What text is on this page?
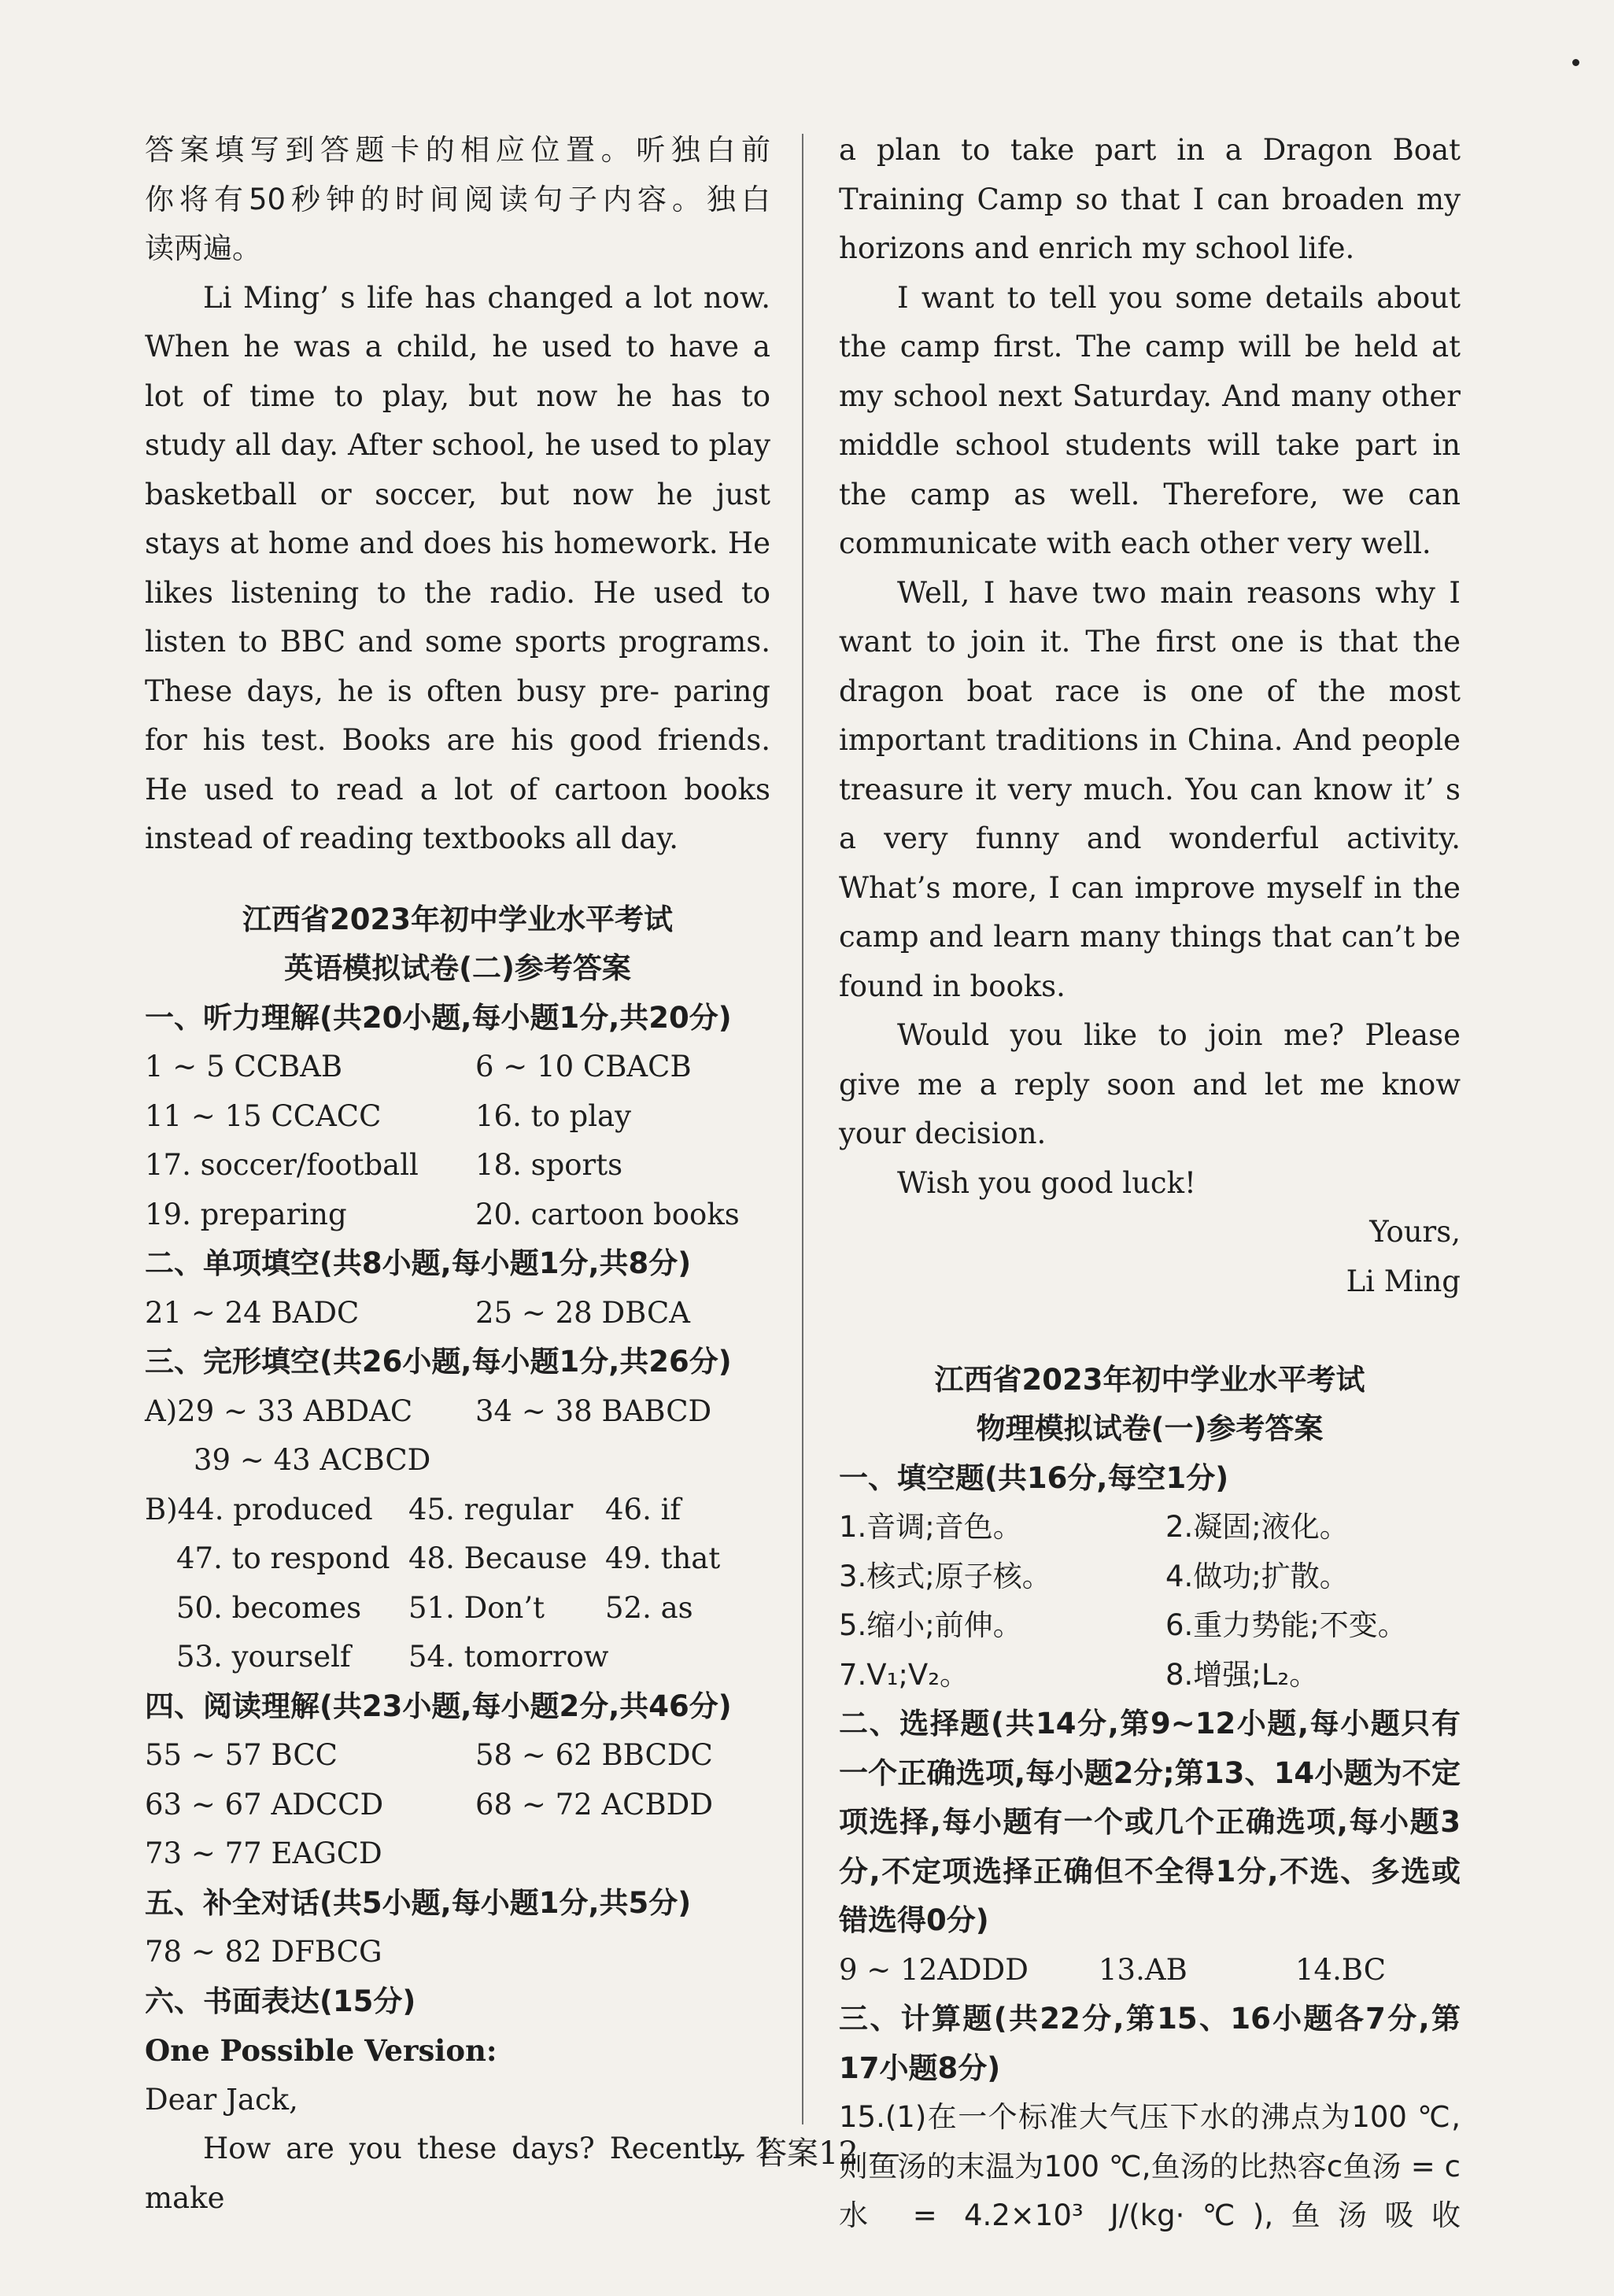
答案填写到答题卡的相应位置。听独白前

你将有50秒钟的时间阅读句子内容。独白

读两遍。

Li Ming’ s life has changed a lot now. When he was a child, he used to have a lot of time to play, but now he has to study all day. After school, he used to play basketball or soccer, but now he just stays at home and does his homework. He likes listening to the radio. He used to listen to BBC and some sports programs. These days, he is often busy pre- paring for his test. Books are his good friends. He used to read a lot of cartoon books instead of reading textbooks all day.

江西省2023年初中学业水平考试

英语模拟试卷(二)参考答案

一、听力理解(共20小题,每小题1分,共20分)

1 ~ 5 CCBAB	6 ~ 10 CBACB
11 ~ 15 CCACC	16. to play
17. soccer/football	18. sports
19. preparing	20. cartoon books

二、单项填空(共8小题,每小题1分,共8分)

21 ~ 24 BADC	25 ~ 28 DBCA

三、完形填空(共26小题,每小题1分,共26分)

A)29 ~ 33 ABDAC	34 ~ 38 BABCD
39 ~ 43 ACBCD
B)44. produced	45. regular	46. if
47. to respond 48. Because 49. that
50. becomes	51. Don’t	52. as
53. yourself	54. tomorrow

四、阅读理解(共23小题,每小题2分,共46分)

55 ~ 57 BCC	58 ~ 62 BBCDC
63 ~ 67 ADCCD	68 ~ 72 ACBDD
73 ~ 77 EAGCD

五、补全对话(共5小题,每小题1分,共5分)

78 ~ 82 DFBCG

六、书面表达(15分)

One Possible Version:

Dear Jack,

How are you these days? Recently, I make

a plan to take part in a Dragon Boat Training Camp so that I can broaden my horizons and enrich my school life.

I want to tell you some details about the camp first. The camp will be held at my school next Saturday. And many other middle school students will take part in the camp as well. Therefore, we can communicate with each other very well.

Well, I have two main reasons why I want to join it. The first one is that the dragon boat race is one of the most important traditions in China. And people treasure it very much. You can know it’ s a very funny and wonderful activity. What’s more, I can improve myself in the camp and learn many things that can’t be found in books.

Would you like to join me? Please give me a reply soon and let me know your decision.

Wish you good luck!

Yours,

Li Ming

江西省2023年初中学业水平考试

物理模拟试卷(一)参考答案

一、填空题(共16分,每空1分)

1.音调;音色。	2.凝固;液化。
3.核式;原子核。	4.做功;扩散。
5.缩小;前伸。	6.重力势能;不变。
7.V₁;V₂。	8.增强;L₂。

二、选择题(共14分,第9~12小题,每小题只有一个正确选项,每小题2分;第13、14小题为不定项选择,每小题有一个或几个正确选项,每小题3分,不定项选择正确但不全得1分,不选、多选或错选得0分)

9 ~ 12ADDD	13.AB	14.BC

三、计算题(共22分,第15、16小题各7分,第17小题8分)

15.(1)在一个标准大气压下水的沸点为100 ℃,则鱼汤的末温为100 ℃,鱼汤的比热容c鱼汤 = c水 = 4.2×10³ J/(kg·℃),鱼汤吸收

— 答案12 —
